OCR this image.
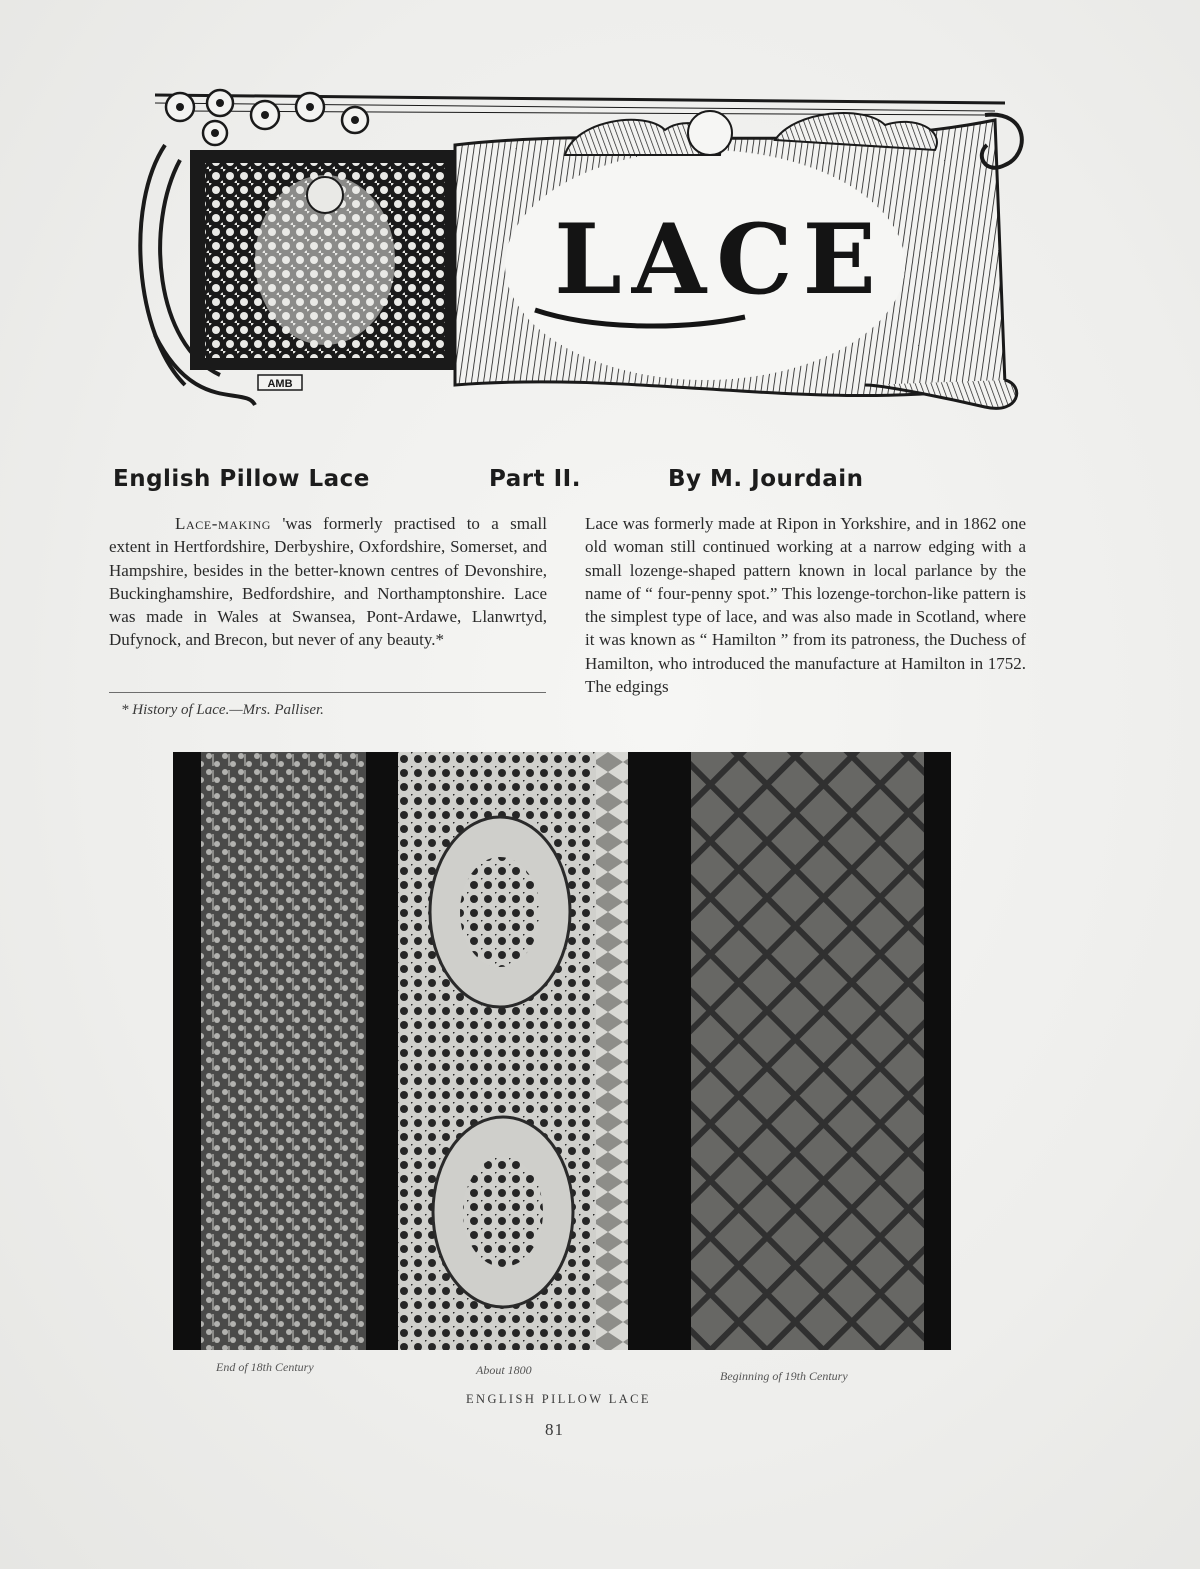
AMB
LACE
English Pillow Lace	Part II.	By M. Jourdain

Lace-making 'was formerly practised to a small extent in Hertfordshire, Derbyshire, Oxfordshire, Somerset, and Hampshire, besides in the better-known centres of Devonshire, Buckinghamshire, Bedfordshire, and Northamptonshire. Lace was made in Wales at Swansea, Pont-Ardawe, Llanwrtyd, Dufynock, and Brecon, but never of any beauty.*

* History of Lace.—Mrs. Palliser.

Lace was formerly made at Ripon in Yorkshire, and in 1862 one old woman still continued working at a narrow edging with a small lozenge-shaped pattern known in local parlance by the name of “ four-penny spot.” This lozenge-torchon-like pattern is the simplest type of lace, and was also made in Scotland, where it was known as “ Hamilton ” from its patroness, the Duchess of Hamilton, who introduced the manufacture at Hamilton in 1752. The edgings

End of 18th Century	About 1800	Beginning of 19th Century
ENGLISH PILLOW LACE
81
